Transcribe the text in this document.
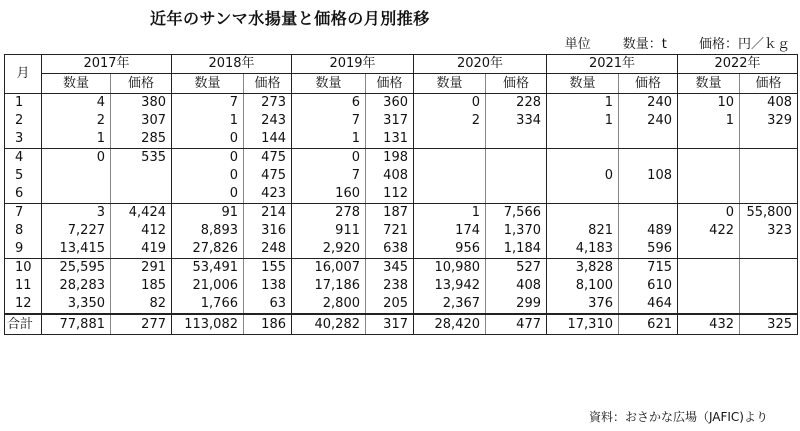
近年のサンマ水揚量と価格の月別推移
単位 数量：t 価格：円／ｋｇ
月	2017年		2018年		2019年		2020年		2021年		2022年	
	数量	価格	数量	価格	数量	価格	数量	価格	数量	価格	数量	価格
1	4	380	7	273	6	360	0	228	1	240	10	408
2	2	307	1	243	7	317	2	334	1	240	1	329
3	1	285	0	144	1	131						
4	0	535	0	475	0	198						
5			0	475	7	408			0	108		
6			0	423	160	112						
7	3	4,424	91	214	278	187	1	7,566			0	55,800
8	7,227	412	8,893	316	911	721	174	1,370	821	489	422	323
9	13,415	419	27,826	248	2,920	638	956	1,184	4,183	596		
10	25,595	291	53,491	155	16,007	345	10,980	527	3,828	715		
11	28,283	185	21,006	138	17,186	238	13,942	408	8,100	610		
12	3,350	82	1,766	63	2,800	205	2,367	299	376	464		
合計	77,881	277	113,082	186	40,282	317	28,420	477	17,310	621	432	325
資料：おさかな広場（JAFIC)より
